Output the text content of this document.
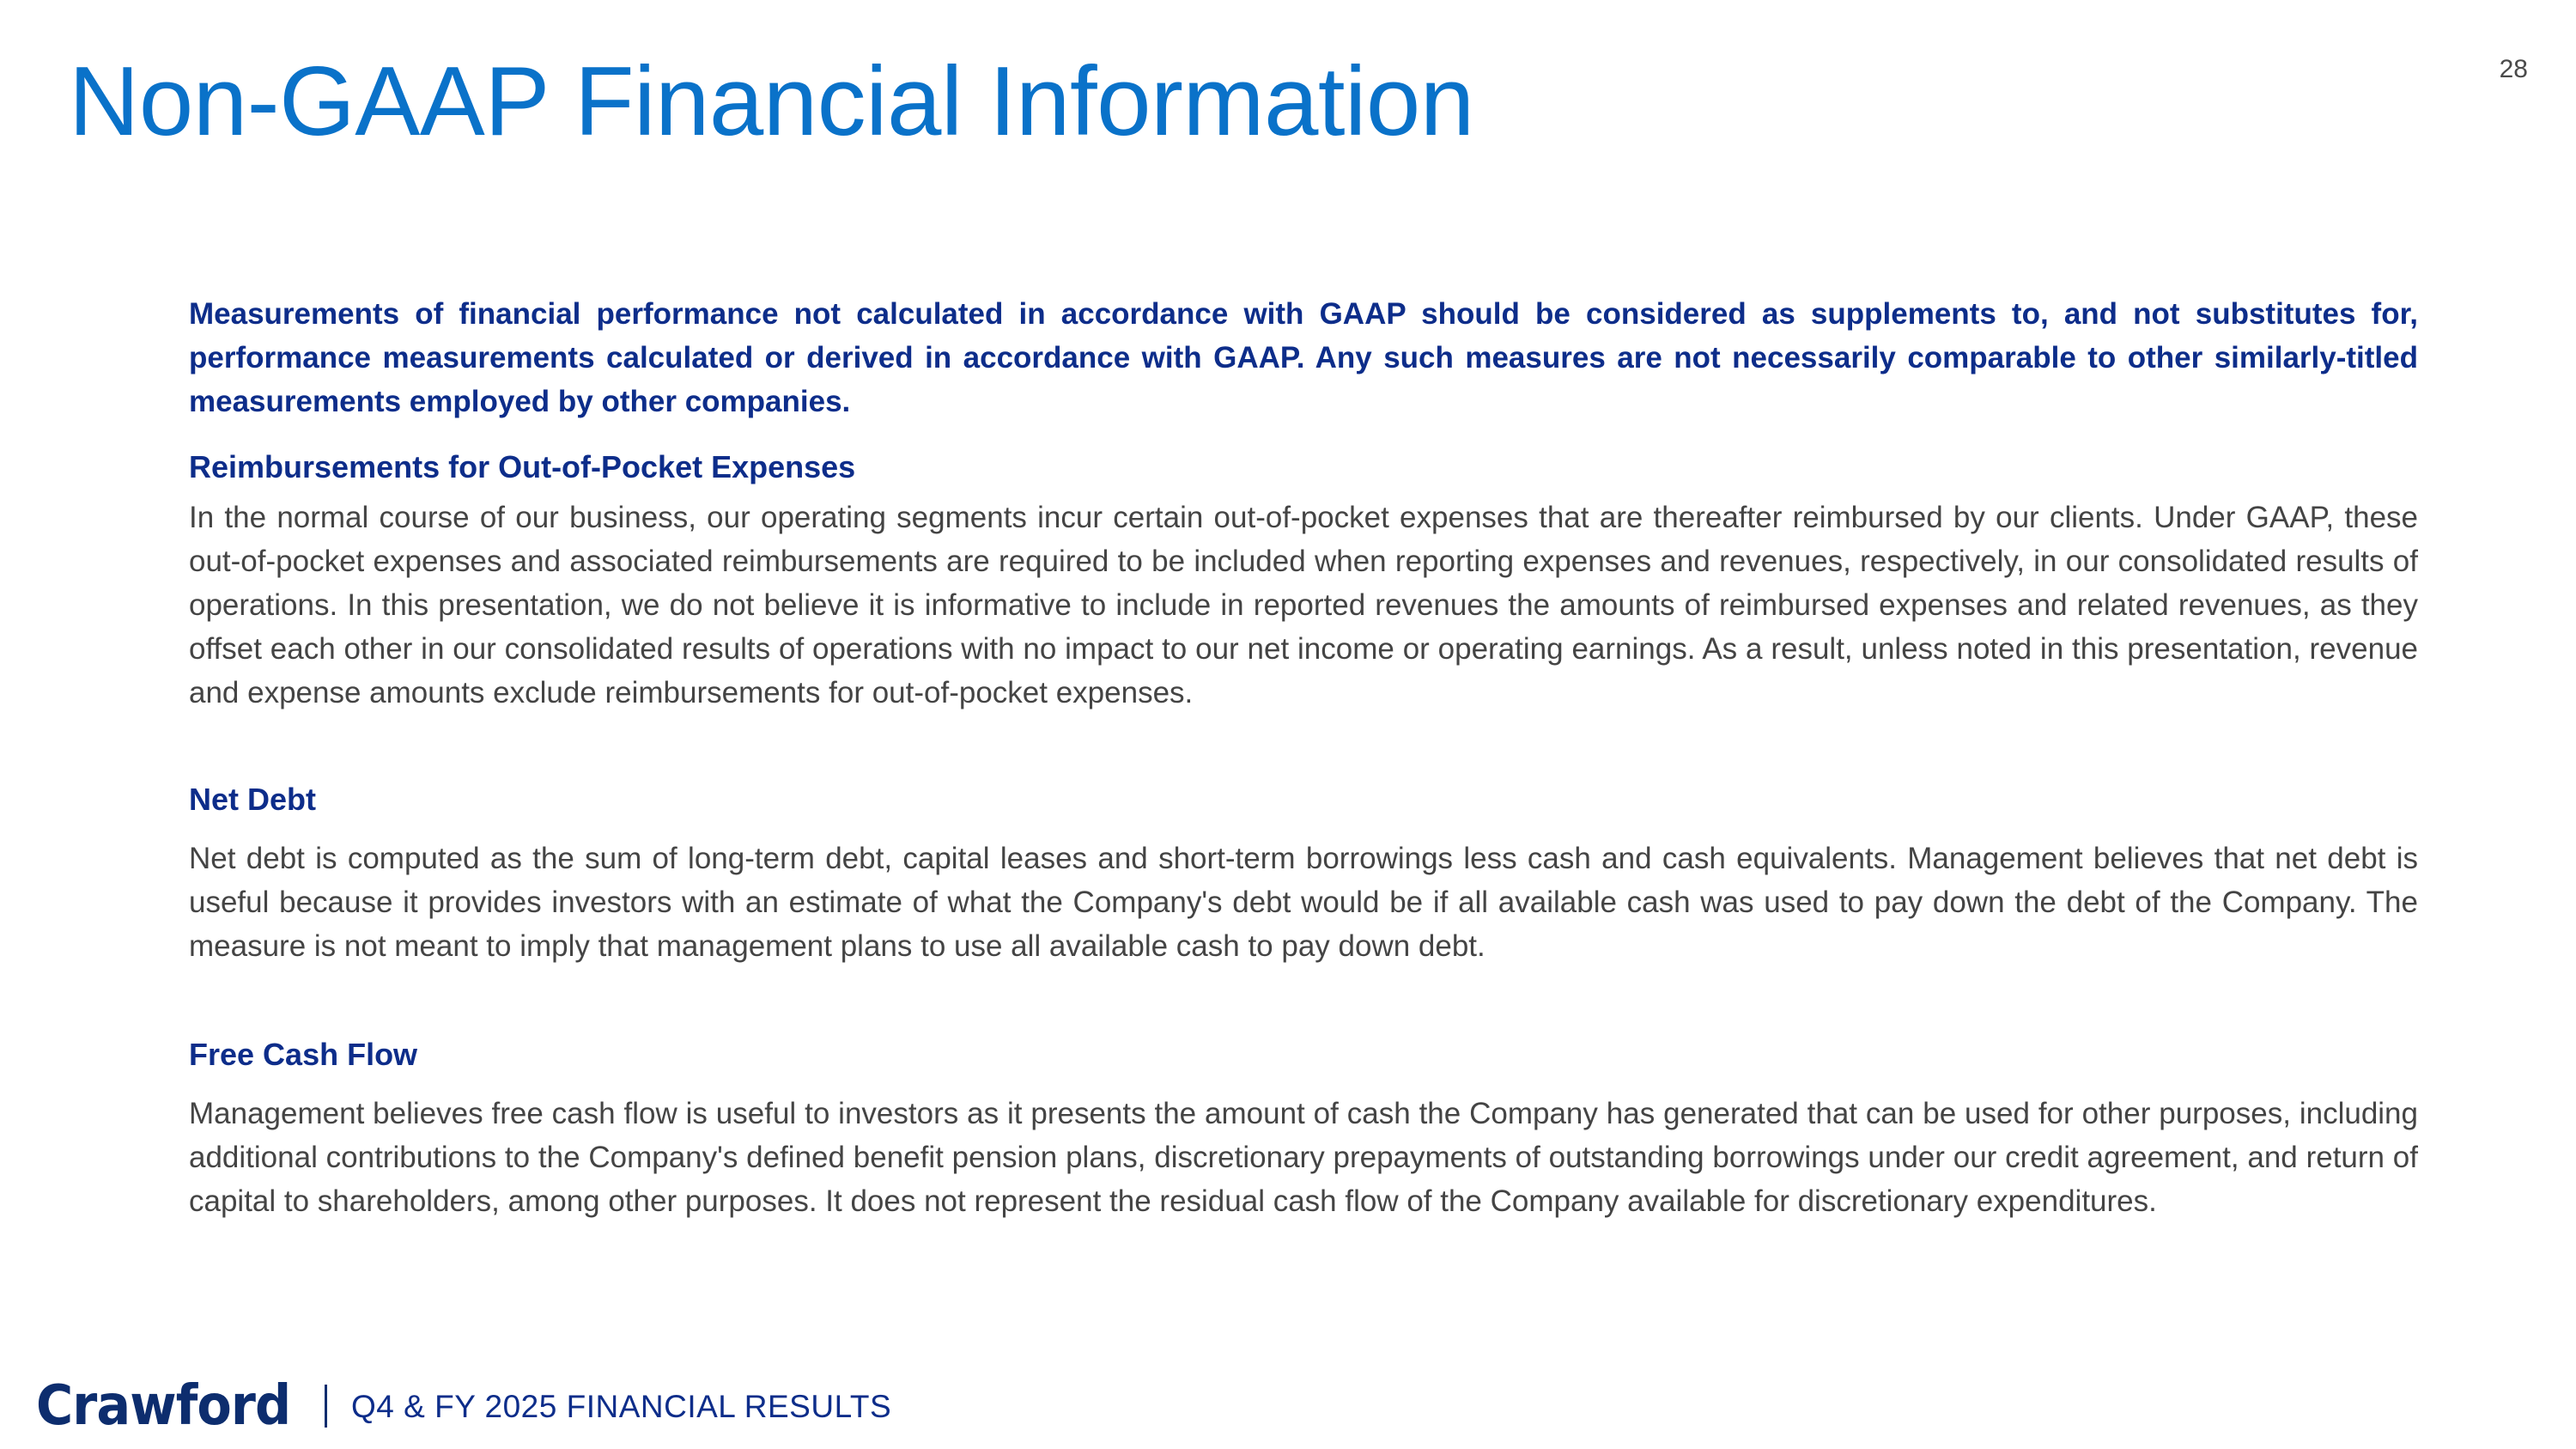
Non-GAAP Financial Information	28

Measurements of financial performance not calculated in accordance with GAAP should be considered as supplements to, and not substitutes for, performance measurements calculated or derived in accordance with GAAP. Any such measures are not necessarily comparable to other similarly-titled measurements employed by other companies.

Reimbursements for Out-of-Pocket Expenses

In the normal course of our business, our operating segments incur certain out-of-pocket expenses that are thereafter reimbursed by our clients. Under GAAP, these out-of-pocket expenses and associated reimbursements are required to be included when reporting expenses and revenues, respectively, in our consolidated results of operations. In this presentation, we do not believe it is informative to include in reported revenues the amounts of reimbursed expenses and related revenues, as they offset each other in our consolidated results of operations with no impact to our net income or operating earnings. As a result, unless noted in this presentation, revenue and expense amounts exclude reimbursements for out-of-pocket expenses.

Net Debt

Net debt is computed as the sum of long-term debt, capital leases and short-term borrowings less cash and cash equivalents. Management believes that net debt is useful because it provides investors with an estimate of what the Company's debt would be if all available cash was used to pay down the debt of the Company. The measure is not meant to imply that management plans to use all available cash to pay down debt.

Free Cash Flow

Management believes free cash flow is useful to investors as it presents the amount of cash the Company has generated that can be used for other purposes, including additional contributions to the Company's defined benefit pension plans, discretionary prepayments of outstanding borrowings under our credit agreement, and return of capital to shareholders, among other purposes. It does not represent the residual cash flow of the Company available for discretionary expenditures.

Crawford Q4 & FY 2025 FINANCIAL RESULTS
